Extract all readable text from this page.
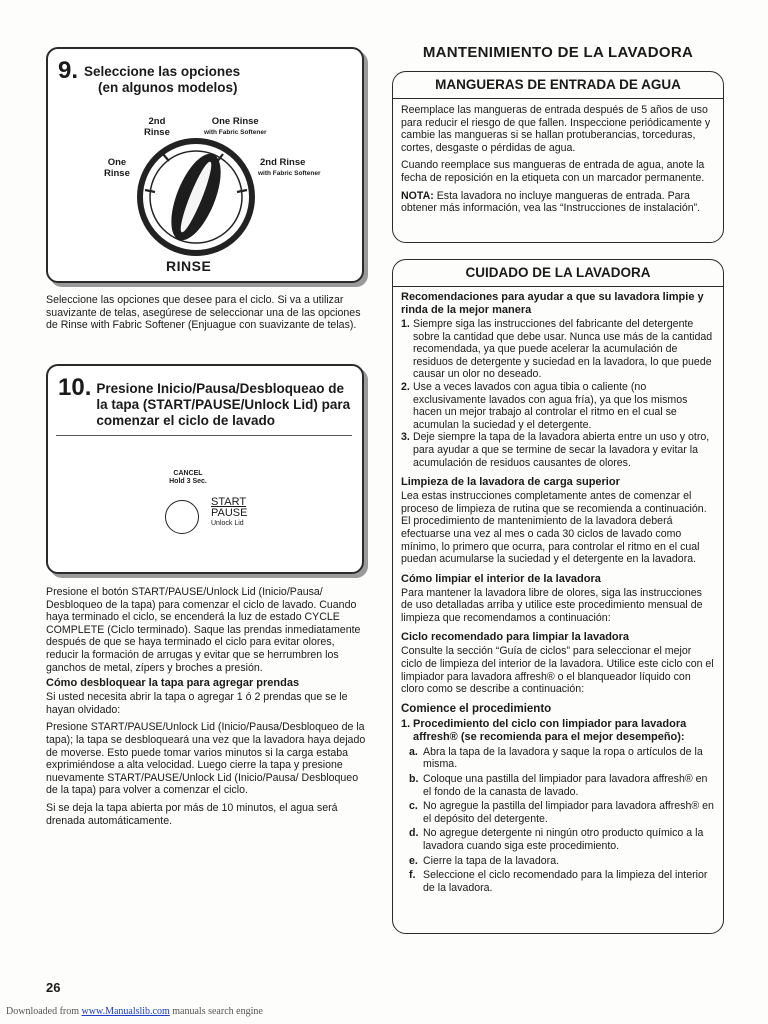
9. Seleccione las opciones
(en algunos modelos)
2nd
Rinse
One Rinse
with Fabric Softener
One
Rinse
2nd Rinse
with Fabric Softener
RINSE

Seleccione las opciones que desee para el ciclo. Si va a utilizar suavizante de telas, asegúrese de seleccionar una de las opciones de Rinse with Fabric Softener (Enjuague con suavizante de telas).

10. Presione Inicio/Pausa/Desbloqueao de
la tapa (START/PAUSE/Unlock Lid) para
comenzar el ciclo de lavado
CANCEL
Hold 3 Sec.
START
PAUSE
Unlock Lid

Presione el botón START/PAUSE/Unlock Lid (Inicio/Pausa/ Desbloqueo de la tapa) para comenzar el ciclo de lavado. Cuando haya terminado el ciclo, se encenderá la luz de estado CYCLE COMPLETE (Ciclo terminado). Saque las prendas inmediatamente después de que se haya terminado el ciclo para evitar olores, reducir la formación de arrugas y evitar que se herrumbren los ganchos de metal, zípers y broches a presión.

Cómo desbloquear la tapa para agregar prendas

Si usted necesita abrir la tapa o agregar 1 ó 2 prendas que se le hayan olvidado:

Presione START/PAUSE/Unlock Lid (Inicio/Pausa/Desbloqueo de la tapa); la tapa se desbloqueará una vez que la lavadora haya dejado de moverse. Esto puede tomar varios minutos si la carga estaba exprimiéndose a alta velocidad. Luego cierre la tapa y presione nuevamente START/PAUSE/Unlock Lid (Inicio/Pausa/ Desbloqueo de la tapa) para volver a comenzar el ciclo.

Si se deja la tapa abierta por más de 10 minutos, el agua será drenada automáticamente.

26
MANTENIMIENTO DE LA LAVADORA
MANGUERAS DE ENTRADA DE AGUA

Reemplace las mangueras de entrada después de 5 años de uso para reducir el riesgo de que fallen. Inspeccione periódicamente y cambie las mangueras si se hallan protuberancias, torceduras, cortes, desgaste o pérdidas de agua.

Cuando reemplace sus mangueras de entrada de agua, anote la fecha de reposición en la etiqueta con un marcador permanente.

NOTA: Esta lavadora no incluye mangueras de entrada. Para obtener más información, vea las “Instrucciones de instalación”.

CUIDADO DE LA LAVADORA
Recomendaciones para ayudar a que su lavadora limpie y rinda de la mejor manera
1. Siempre siga las instrucciones del fabricante del detergente sobre la cantidad que debe usar. Nunca use más de la cantidad recomendada, ya que puede acelerar la acumulación de residuos de detergente y suciedad en la lavadora, lo que puede causar un olor no deseado.
2. Use a veces lavados con agua tibia o caliente (no exclusivamente lavados con agua fría), ya que los mismos hacen un mejor trabajo al controlar el ritmo en el cual se acumulan la suciedad y el detergente.
3. Deje siempre la tapa de la lavadora abierta entre un uso y otro, para ayudar a que se termine de secar la lavadora y evitar la acumulación de residuos causantes de olores.
Limpieza de la lavadora de carga superior

Lea estas instrucciones completamente antes de comenzar el proceso de limpieza de rutina que se recomienda a continuación. El procedimiento de mantenimiento de la lavadora deberá efectuarse una vez al mes o cada 30 ciclos de lavado como mínimo, lo primero que ocurra, para controlar el ritmo en el cual puedan acumularse la suciedad y el detergente en la lavadora.

Cómo limpiar el interior de la lavadora

Para mantener la lavadora libre de olores, siga las instrucciones de uso detalladas arriba y utilice este procedimiento mensual de limpieza que recomendamos a continuación:

Ciclo recomendado para limpiar la lavadora

Consulte la sección “Guía de ciclos” para seleccionar el mejor ciclo de limpieza del interior de la lavadora. Utilice este ciclo con el limpiador para lavadora affresh® o el blanqueador líquido con cloro como se describe a continuación:

Comience el procedimiento
1. Procedimiento del ciclo con limpiador para lavadora affresh® (se recomienda para el mejor desempeño):
a. Abra la tapa de la lavadora y saque la ropa o artículos de la misma.
b. Coloque una pastilla del limpiador para lavadora affresh® en el fondo de la canasta de lavado.
c. No agregue la pastilla del limpiador para lavadora affresh® en el depósito del detergente.
d. No agregue detergente ni ningún otro producto químico a la lavadora cuando siga este procedimiento.
e. Cierre la tapa de la lavadora.
f. Seleccione el ciclo recomendado para la limpieza del interior de la lavadora.
Downloaded from www.Manualslib.com manuals search engine
